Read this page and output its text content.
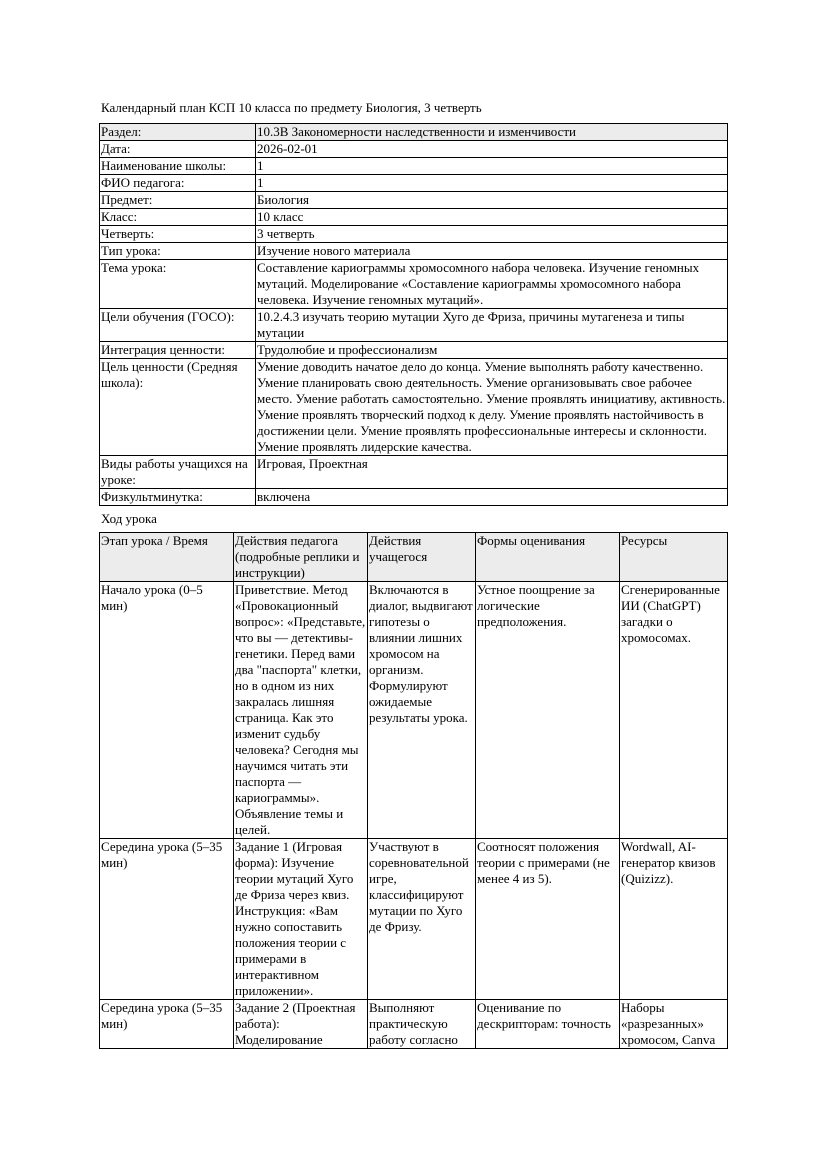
Календарный план КСП 10 класса по предмету Биология, 3 четверть
Раздел:	10.3В Закономерности наследственности и изменчивости
Дата:	2026-02-01
Наименование школы:	1
ФИО педагога:	1
Предмет:	Биология
Класс:	10 класс
Четверть:	3 четверть
Тип урока:	Изучение нового материала
Тема урока:	Составление кариограммы хромосомного набора человека. Изучение геномных мутаций. Моделирование «Составление кариограммы хромосомного набора человека. Изучение геномных мутаций».
Цели обучения (ГОСО):	10.2.4.3 изучать теорию мутации Хуго де Фриза, причины мутагенеза и типы мутации
Интеграция ценности:	Трудолюбие и профессионализм
Цель ценности (Средняя школа):	Умение доводить начатое дело до конца. Умение выполнять работу качественно. Умение планировать свою деятельность. Умение организовывать свое рабочее место. Умение работать самостоятельно. Умение проявлять инициативу, активность. Умение проявлять творческий подход к делу. Умение проявлять настойчивость в достижении цели. Умение проявлять профессиональные интересы и склонности. Умение проявлять лидерские качества.
Виды работы учащихся на уроке:	Игровая, Проектная
Физкультминутка:	включена
Ход урока
Этап урока / Время	Действия педагога (подробные реплики и инструкции)	Действия учащегося	Формы оценивания	Ресурсы
Начало урока (0–5 мин)	Приветствие. Метод «Провокационный вопрос»: «Представьте, что вы — детективы-генетики. Перед вами два "паспорта" клетки, но в одном из них закралась лишняя страница. Как это изменит судьбу человека? Сегодня мы научимся читать эти паспорта — кариограммы». Объявление темы и целей.	Включаются в диалог, выдвигают гипотезы о влиянии лишних хромосом на организм. Формулируют ожидаемые результаты урока.	Устное поощрение за логические предположения.	Сгенерированные ИИ (ChatGPT) загадки о хромосомах.
Середина урока (5–35 мин)	Задание 1 (Игровая форма): Изучение теории мутаций Хуго де Фриза через квиз. Инструкция: «Вам нужно сопоставить положения теории с примерами в интерактивном приложении».	Участвуют в соревновательной игре, классифицируют мутации по Хуго де Фризу.	Соотносят положения теории с примерами (не менее 4 из 5).	Wordwall, AI-генератор квизов (Quizizz).
Середина урока (5–35 мин)	Задание 2 (Проектная работа): Моделирование	Выполняют практическую работу согласно	Оценивание по дескрипторам: точность	Наборы «разрезанных» хромосом, Canva
